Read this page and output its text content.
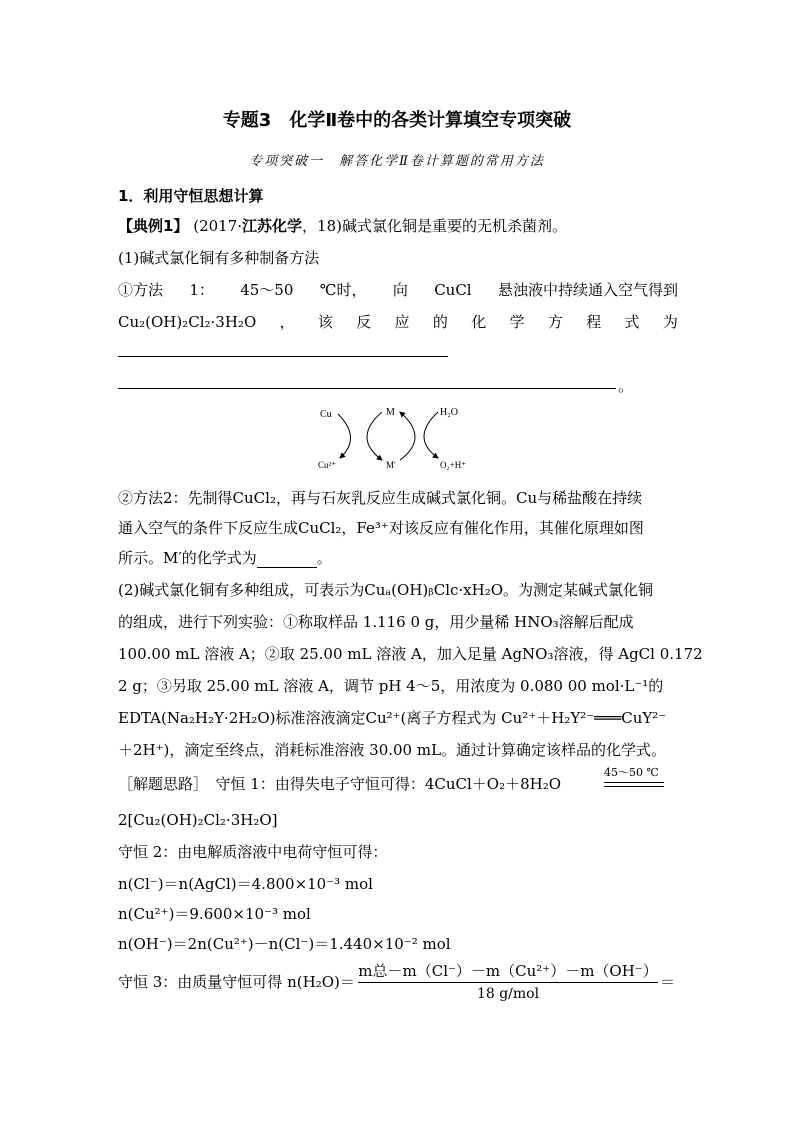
专题3　化学Ⅱ卷中的各类计算填空专项突破
专项突破一　解答化学Ⅱ卷计算题的常用方法
1．利用守恒思想计算
【典例1】 (2017·江苏化学，18)碱式氯化铜是重要的无机杀菌剂。
(1)碱式氯化铜有多种制备方法
①方法 1： 45～50 ℃时， 向 CuCl 悬浊液中持续通入空气得到
Cu₂(OH)₂Cl₂·3H₂O ， 该 反 应 的 化 学 方 程 式 为
。
Cu	M	H₂O
Cu²⁺	M′	O₂+H⁺
②方法2：先制得CuCl₂，再与石灰乳反应生成碱式氯化铜。Cu与稀盐酸在持续
通入空气的条件下反应生成CuCl₂，Fe³⁺对该反应有催化作用，其催化原理如图
所示。M′的化学式为	。
(2)碱式氯化铜有多种组成，可表示为Cuₐ(OH)ᵦClc·xH₂O。为测定某碱式氯化铜
的组成，进行下列实验：①称取样品 1.116 0 g，用少量稀 HNO₃溶解后配成
100.00 mL 溶液 A；②取 25.00 mL 溶液 A，加入足量 AgNO₃溶液，得 AgCl 0.172
2 g；③另取 25.00 mL 溶液 A，调节 pH 4～5，用浓度为 0.080 00 mol·L⁻¹的
EDTA(Na₂H₂Y·2H₂O)标准溶液滴定Cu²⁺(离子方程式为 Cu²⁺＋H₂Y²⁻═══CuY²⁻
＋2H⁺)，滴定至终点，消耗标准溶液 30.00 mL。通过计算确定该样品的化学式。
［解题思路］　 守恒 1：由得失电子守恒可得：4CuCl＋O₂＋8H₂O
45～50 ℃
2[Cu₂(OH)₂Cl₂·3H₂O]
守恒 2：由电解质溶液中电荷守恒可得：
n(Cl⁻)＝n(AgCl)＝4.800×10⁻³ mol
n(Cu²⁺)＝9.600×10⁻³ mol
n(OH⁻)＝2n(Cu²⁺)－n(Cl⁻)＝1.440×10⁻² mol
守恒 3：由质量守恒可得 n(H₂O)＝
m总－m（Cl⁻）－m（Cu²⁺）－m（OH⁻）
18 g/mol
＝
